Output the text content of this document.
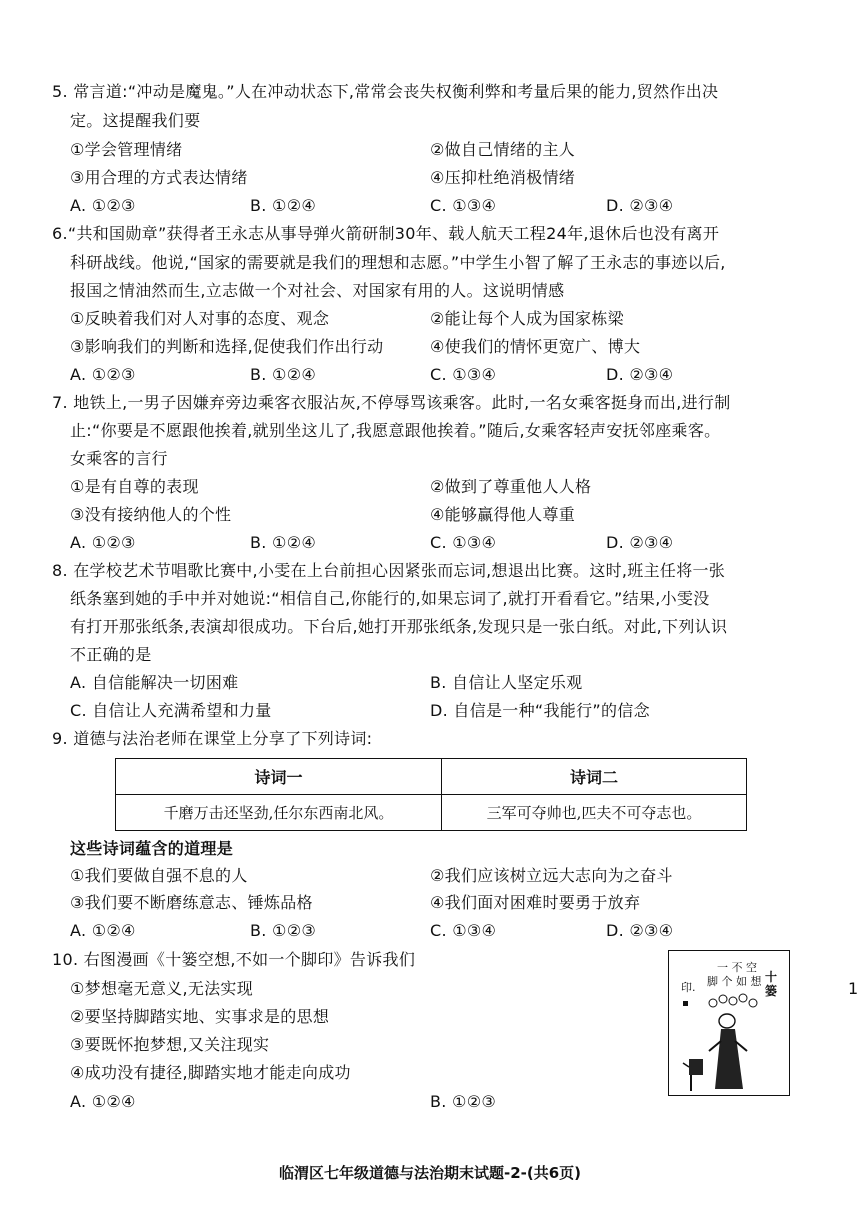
5. 常言道:“冲动是魔鬼。”人在冲动状态下,常常会丧失权衡利弊和考量后果的能力,贸然作出决
定。这提醒我们要
①学会管理情绪	②做自己情绪的主人
③用合理的方式表达情绪	④压抑杜绝消极情绪
A. ①②③	B. ①②④	C. ①③④	D. ②③④
6.“共和国勋章”获得者王永志从事导弹火箭研制30年、载人航天工程24年,退休后也没有离开
科研战线。他说,“国家的需要就是我们的理想和志愿。”中学生小智了解了王永志的事迹以后,
报国之情油然而生,立志做一个对社会、对国家有用的人。这说明情感
①反映着我们对人对事的态度、观念	②能让每个人成为国家栋梁
③影响我们的判断和选择,促使我们作出行动	④使我们的情怀更宽广、博大
A. ①②③	B. ①②④	C. ①③④	D. ②③④
7. 地铁上,一男子因嫌弃旁边乘客衣服沾灰,不停辱骂该乘客。此时,一名女乘客挺身而出,进行制
止:“你要是不愿跟他挨着,就别坐这儿了,我愿意跟他挨着。”随后,女乘客轻声安抚邻座乘客。
女乘客的言行
①是有自尊的表现	②做到了尊重他人人格
③没有接纳他人的个性	④能够赢得他人尊重
A. ①②③	B. ①②④	C. ①③④	D. ②③④
8. 在学校艺术节唱歌比赛中,小雯在上台前担心因紧张而忘词,想退出比赛。这时,班主任将一张
纸条塞到她的手中并对她说:“相信自己,你能行的,如果忘词了,就打开看看它。”结果,小雯没
有打开那张纸条,表演却很成功。下台后,她打开那张纸条,发现只是一张白纸。对此,下列认识
不正确的是
A. 自信能解决一切困难	B. 自信让人坚定乐观
C. 自信让人充满希望和力量	D. 自信是一种“我能行”的信念
9. 道德与法治老师在课堂上分享了下列诗词:
诗词一	诗词二
千磨万击还坚劲,任尔东西南北风。	三军可夺帅也,匹夫不可夺志也。
这些诗词蕴含的道理是
①我们要做自强不息的人	②我们应该树立远大志向为之奋斗
③我们要不断磨练意志、锤炼品格	④我们面对困难时要勇于放弃
A. ①②④	B. ①②③	C. ①③④	D. ②③④
10. 右图漫画《十篓空想,不如一个脚印》告诉我们
①梦想毫无意义,无法实现
②要坚持脚踏实地、实事求是的思想
③要既怀抱梦想,又关注现实
④成功没有捷径,脚踏实地才能走向成功
A. ①②④	B. ①②③
一 不 空
脚 个 如 想
印.
十
篓	1
临渭区七年级道德与法治期末试题-2-(共6页)
